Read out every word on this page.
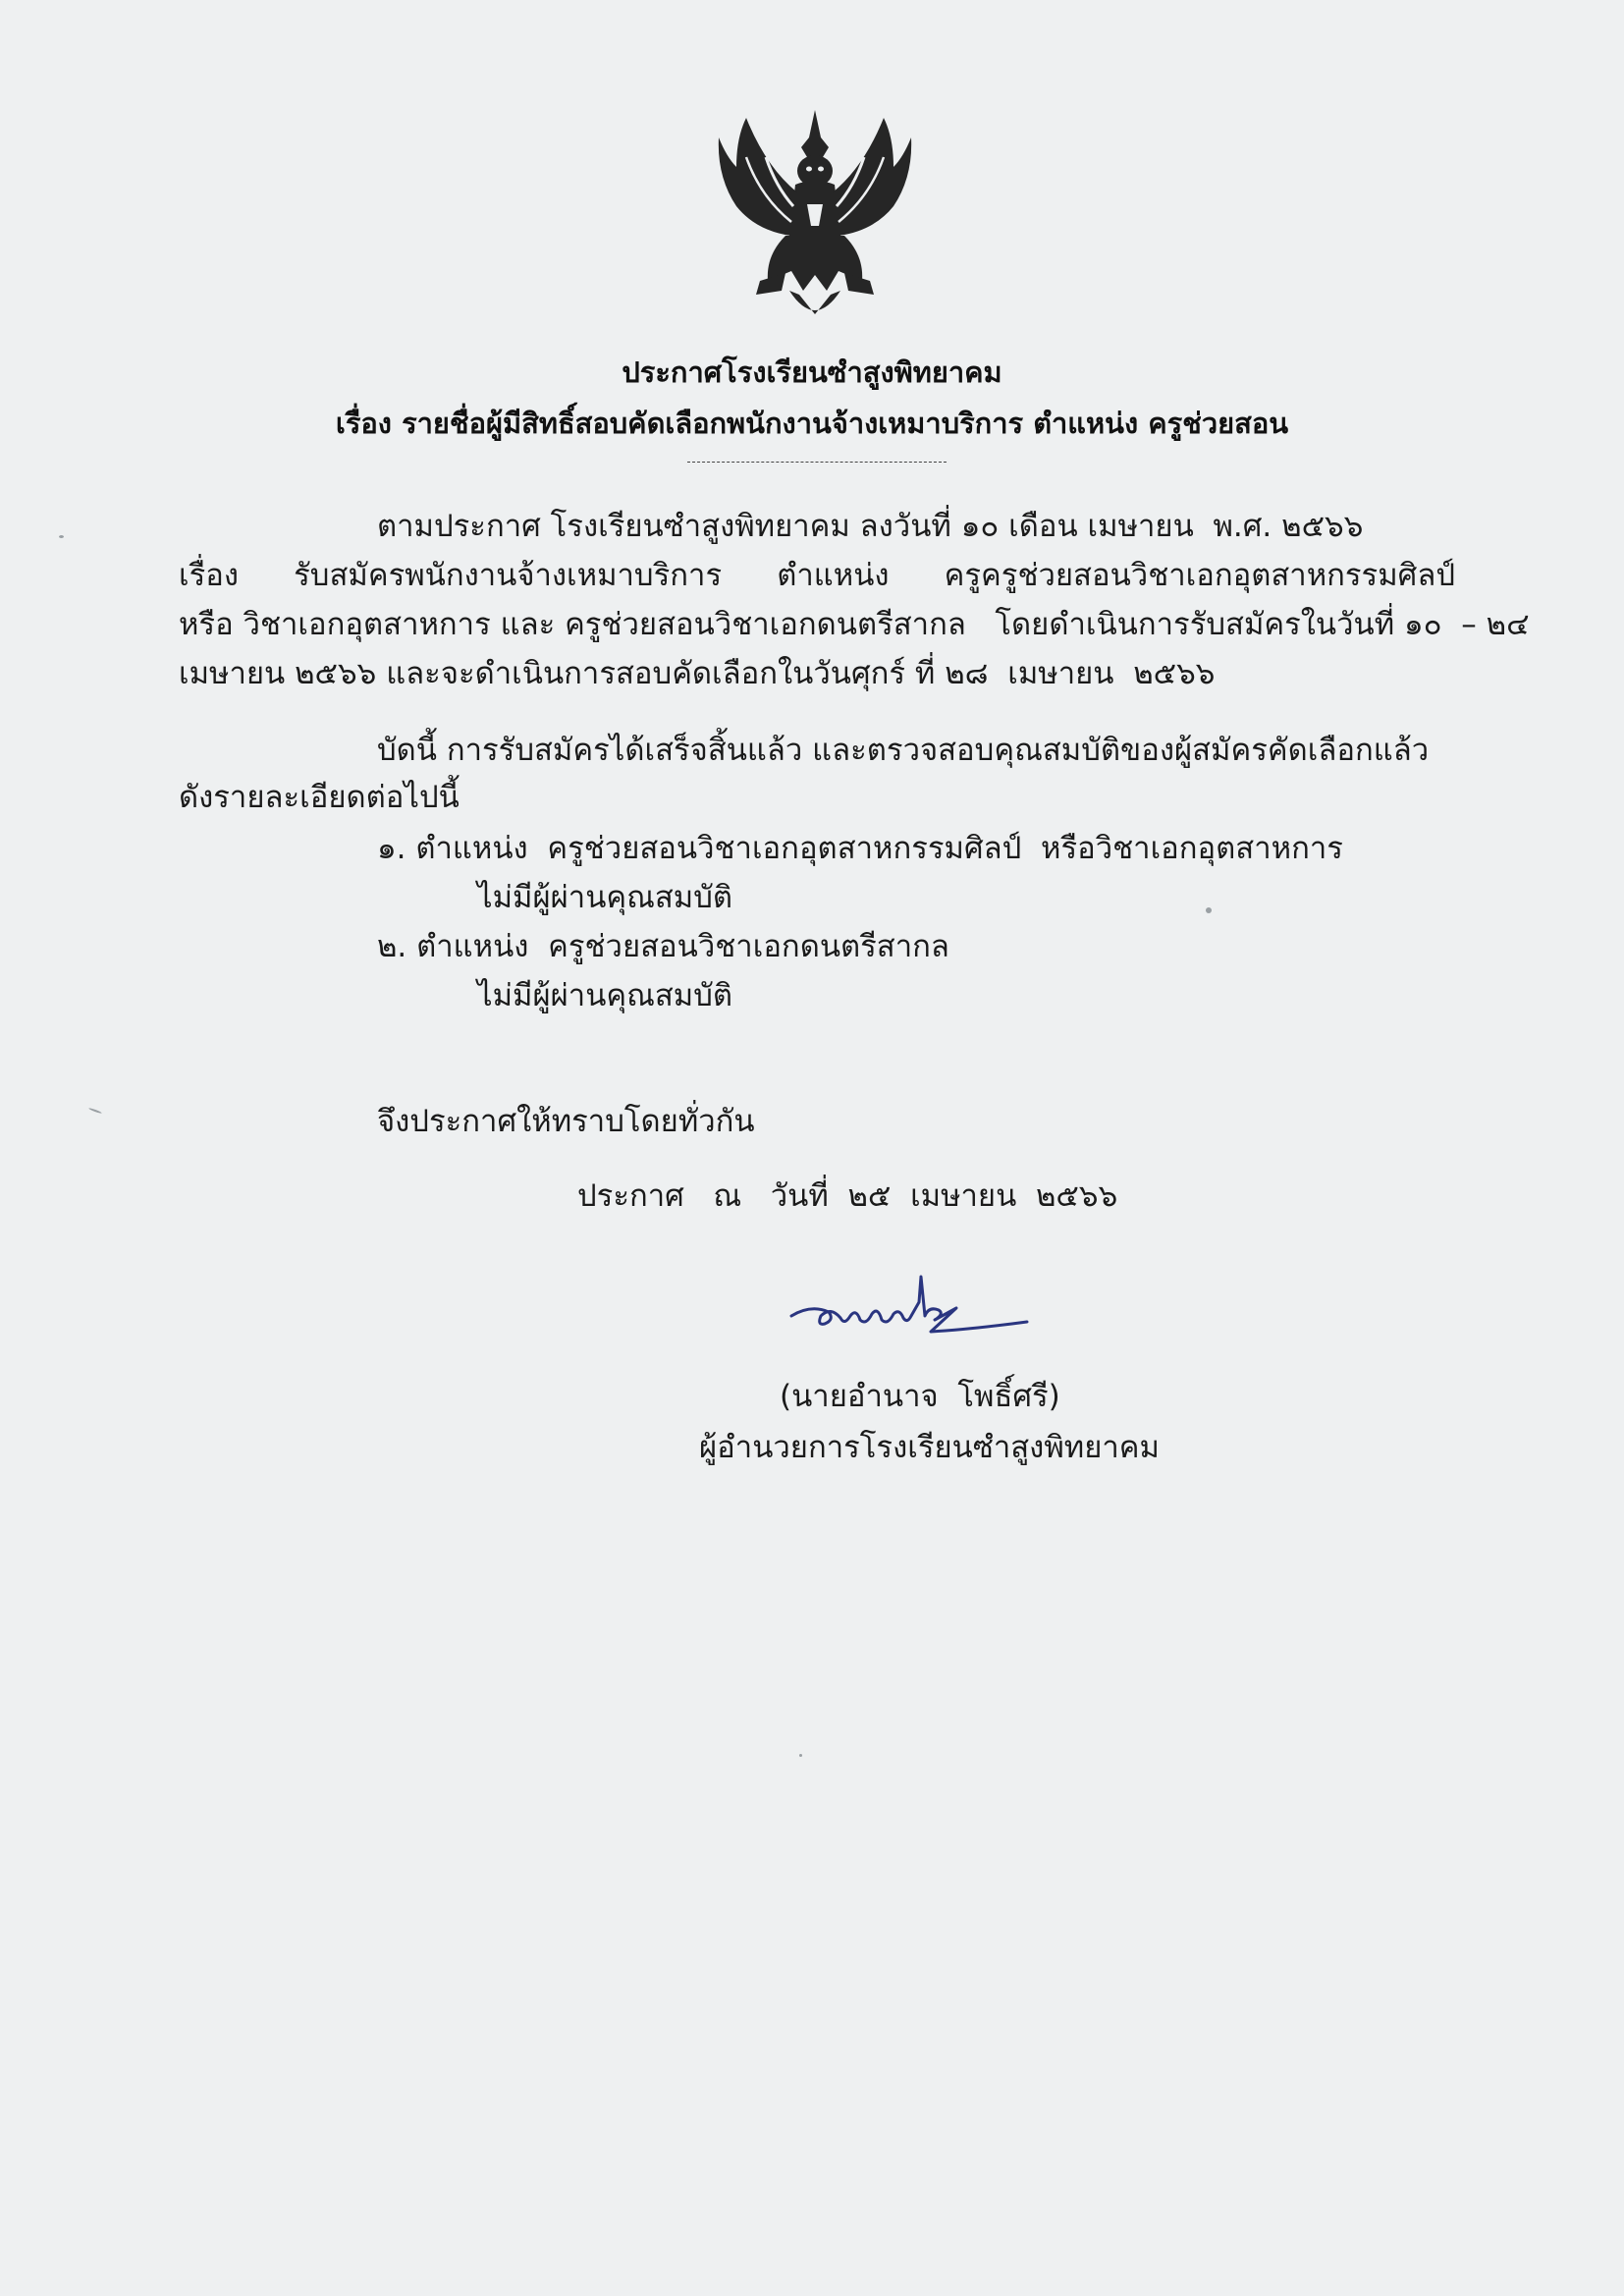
ประกาศโรงเรียนซำสูงพิทยาคม
เรื่อง รายชื่อผู้มีสิทธิ์สอบคัดเลือกพนักงานจ้างเหมาบริการ ตำแหน่ง ครูช่วยสอน
ตามประกาศ โรงเรียนซำสูงพิทยาคม ลงวันที่ ๑๐ เดือน เมษายน  พ.ศ. ๒๕๖๖
เรื่อง รับสมัครพนักงานจ้างเหมาบริการ ตำแหน่ง ครูครูช่วยสอนวิชาเอกอุตสาหกรรมศิลป์
หรือ วิชาเอกอุตสาหการ และ ครูช่วยสอนวิชาเอกดนตรีสากล   โดยดำเนินการรับสมัครในวันที่ ๑๐  – ๒๔
เมษายน ๒๕๖๖ และจะดำเนินการสอบคัดเลือกในวันศุกร์ ที่ ๒๘  เมษายน  ๒๕๖๖
บัดนี้ การรับสมัครได้เสร็จสิ้นแล้ว และตรวจสอบคุณสมบัติของผู้สมัครคัดเลือกแล้ว
ดังรายละเอียดต่อไปนี้
๑. ตำแหน่ง  ครูช่วยสอนวิชาเอกอุตสาหกรรมศิลป์  หรือวิชาเอกอุตสาหการ
ไม่มีผู้ผ่านคุณสมบัติ
๒. ตำแหน่ง  ครูช่วยสอนวิชาเอกดนตรีสากล
ไม่มีผู้ผ่านคุณสมบัติ
จึงประกาศให้ทราบโดยทั่วกัน
ประกาศ   ณ   วันที่  ๒๕  เมษายน  ๒๕๖๖
(นายอำนาจ  โพธิ์ศรี)
ผู้อำนวยการโรงเรียนซำสูงพิทยาคม
